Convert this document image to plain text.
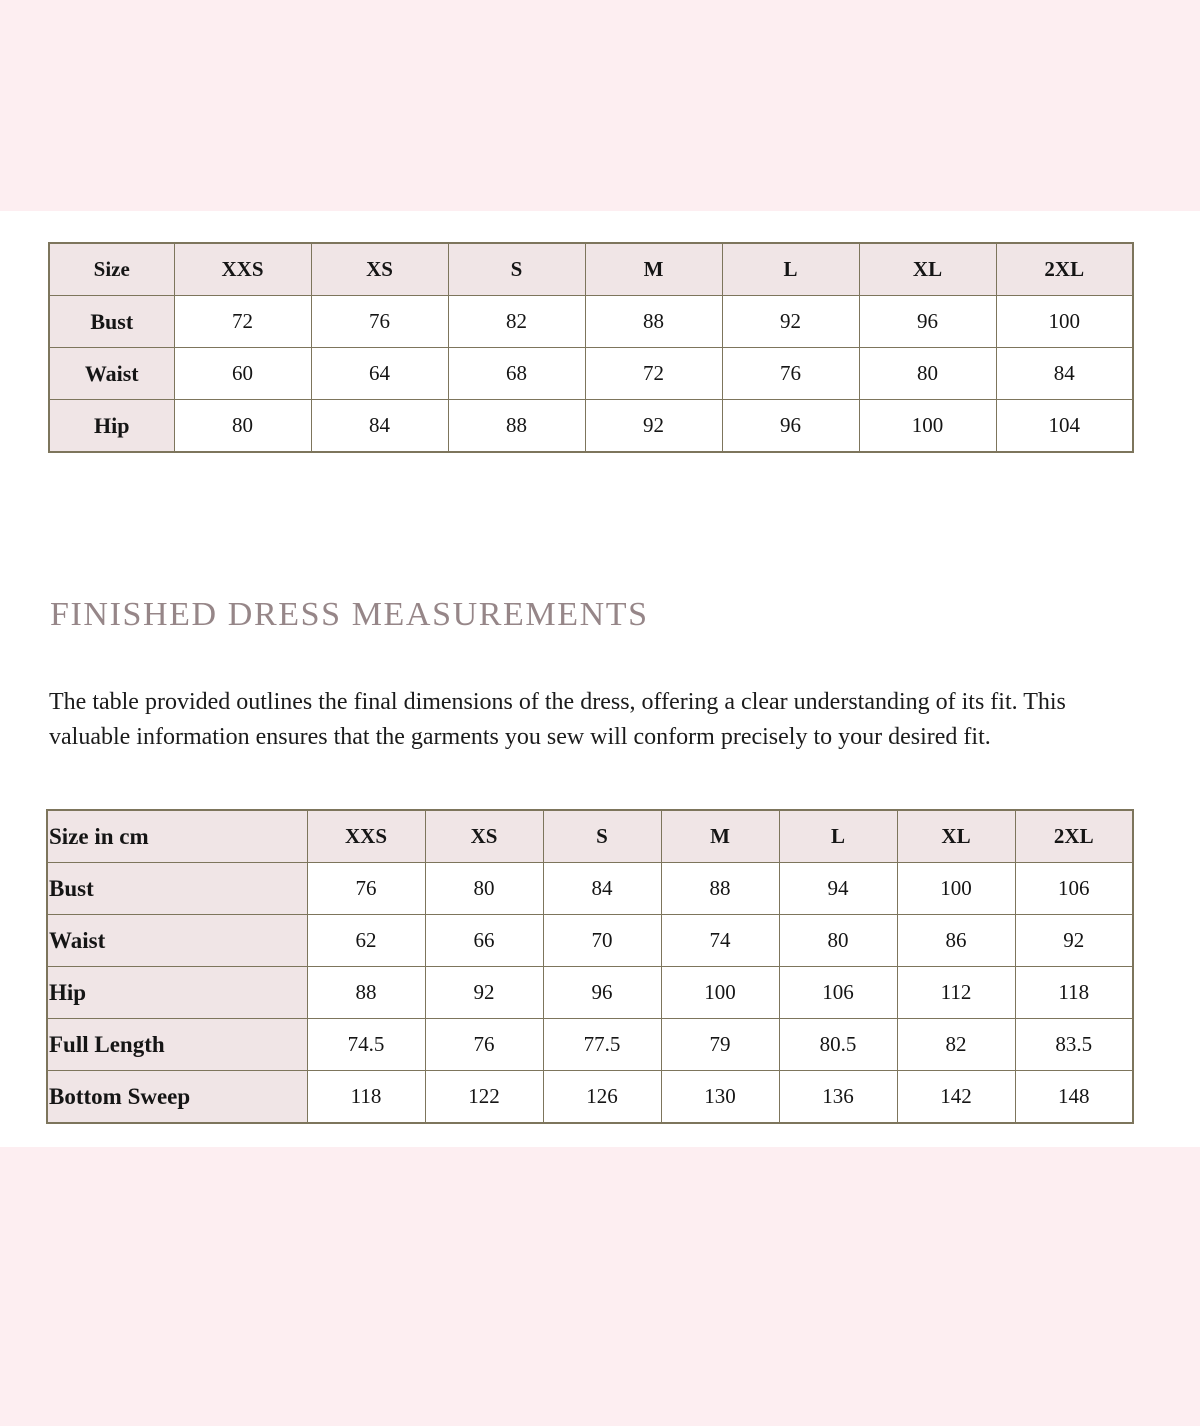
Size	XXS	XS	S	M	L	XL	2XL
Bust	72	76	82	88	92	96	100
Waist	60	64	68	72	76	80	84
Hip	80	84	88	92	96	100	104
FINISHED DRESS MEASUREMENTS

The table provided outlines the final dimensions of the dress, offering a clear understanding of its fit. This valuable information ensures that the garments you sew will conform precisely to your desired fit.

Size in cm	XXS	XS	S	M	L	XL	2XL
Bust	76	80	84	88	94	100	106
Waist	62	66	70	74	80	86	92
Hip	88	92	96	100	106	112	118
Full Length	74.5	76	77.5	79	80.5	82	83.5
Bottom Sweep	118	122	126	130	136	142	148
